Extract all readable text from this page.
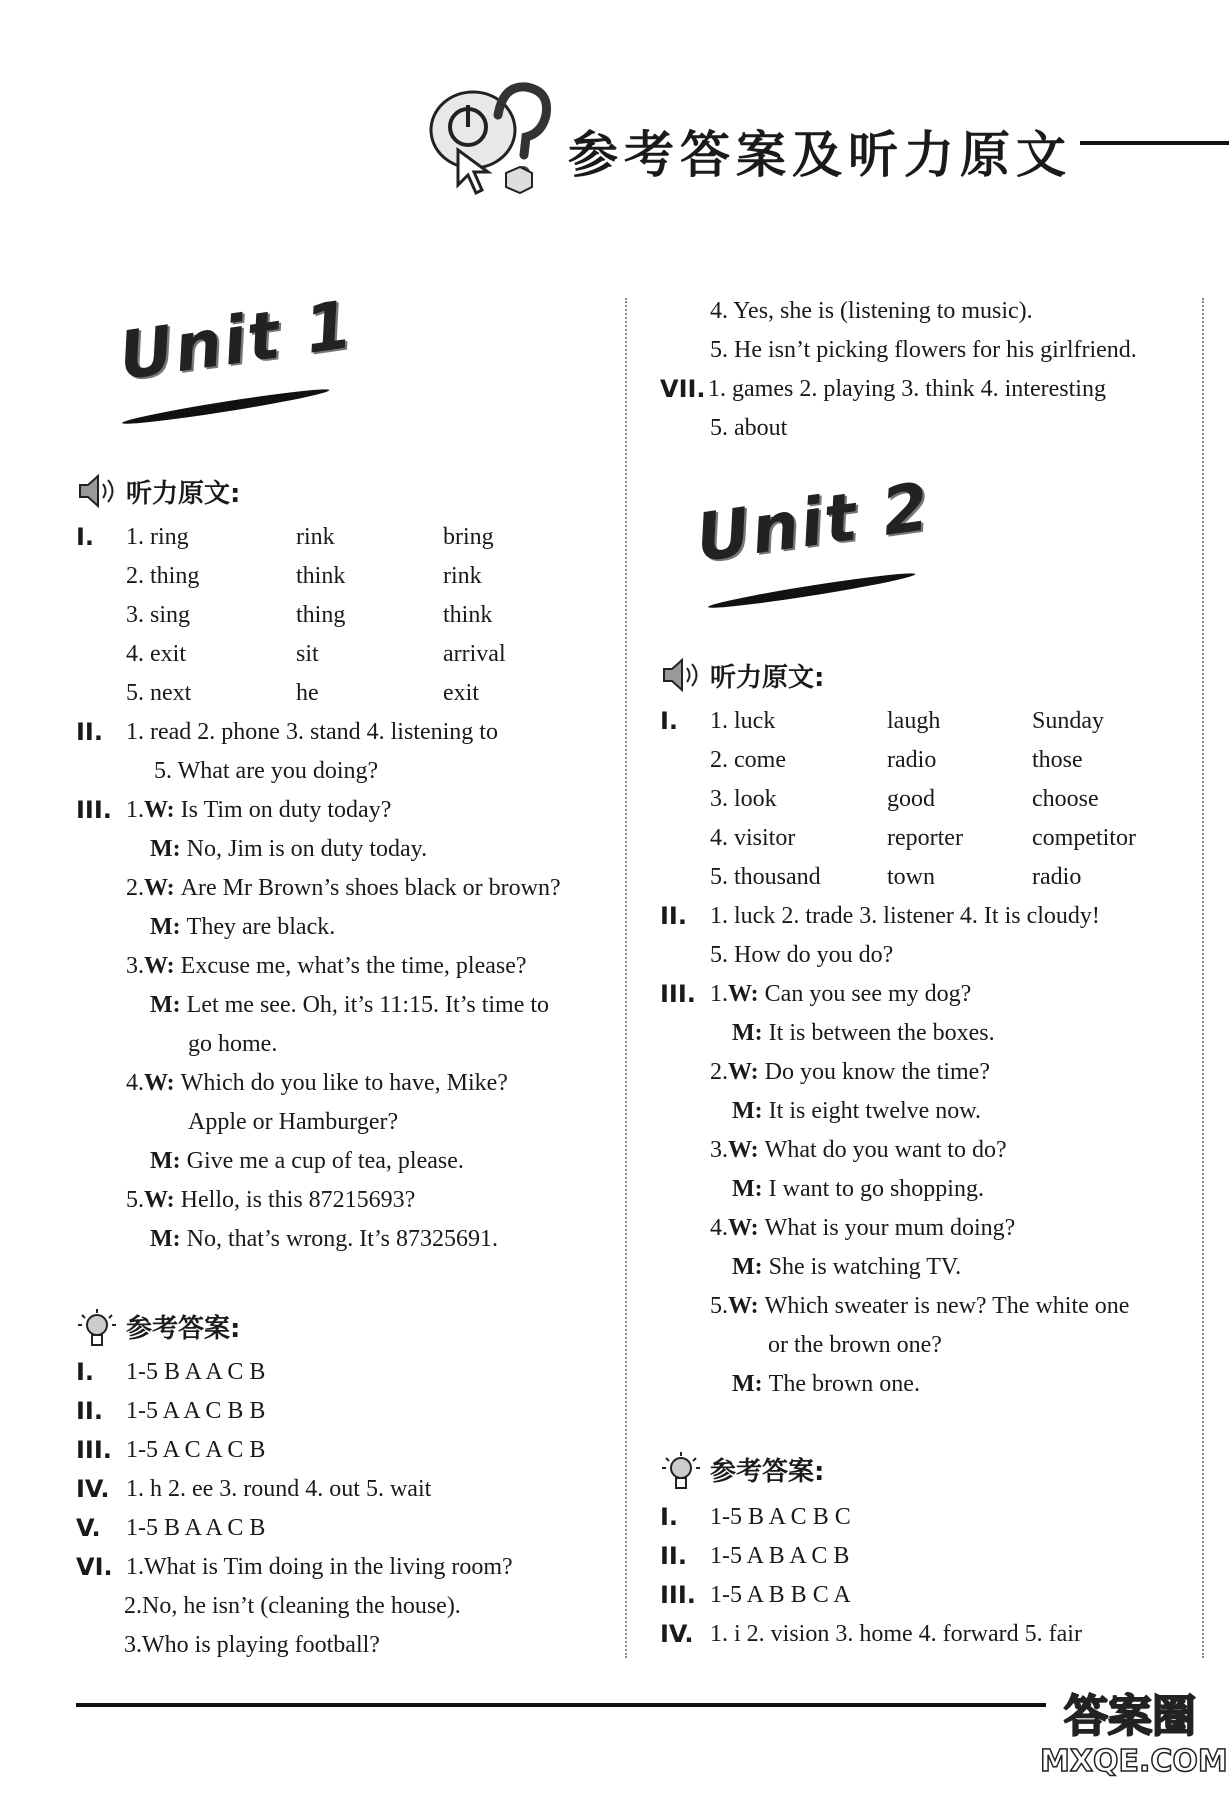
参考答案及听力原文
Unit 1
听力原文:
参考答案:
Unit 2
听力原文:
参考答案:
答案圈
MXQE.COM
I. 1. ring	rink	bring
2. thing	think	rink
3. sing	thing	think
4. exit	sit	arrival
5. next	he	exit
II. 1. read 2. phone 3. stand 4. listening to
5. What are you doing?
III. 1.W: Is Tim on duty today?
M: No, Jim is on duty today.
2.W: Are Mr Brown’s shoes black or brown?
M: They are black.
3.W: Excuse me, what’s the time, please?
M: Let me see. Oh, it’s 11:15. It’s time to
go home.
4.W: Which do you like to have, Mike?
Apple or Hamburger?
M: Give me a cup of tea, please.
5.W: Hello, is this 87215693?
M: No, that’s wrong. It’s 87325691.
I. 1-5 B A A C B
II. 1-5 A A C B B
III. 1-5 A C A C B
IV. 1. h 2. ee 3. round 4. out 5. wait
V. 1-5 B A A C B
VI. 1.What is Tim doing in the living room?
2.No, he isn’t (cleaning the house).
3.Who is playing football?
4. Yes, she is (listening to music).
5. He isn’t picking flowers for his girlfriend.
VII. 1. games 2. playing 3. think 4. interesting
5. about
I. 1. luck	laugh	Sunday
2. come	radio	those
3. look	good	choose
4. visitor	reporter	competitor
5. thousand	town	radio
II. 1. luck 2. trade 3. listener 4. It is cloudy!
5. How do you do?
III. 1.W: Can you see my dog?
M: It is between the boxes.
2.W: Do you know the time?
M: It is eight twelve now.
3.W: What do you want to do?
M: I want to go shopping.
4.W: What is your mum doing?
M: She is watching TV.
5.W: Which sweater is new? The white one
or the brown one?
M: The brown one.
I. 1-5 B A C B C
II. 1-5 A B A C B
III. 1-5 A B B C A
IV. 1. i 2. vision 3. home 4. forward 5. fair
